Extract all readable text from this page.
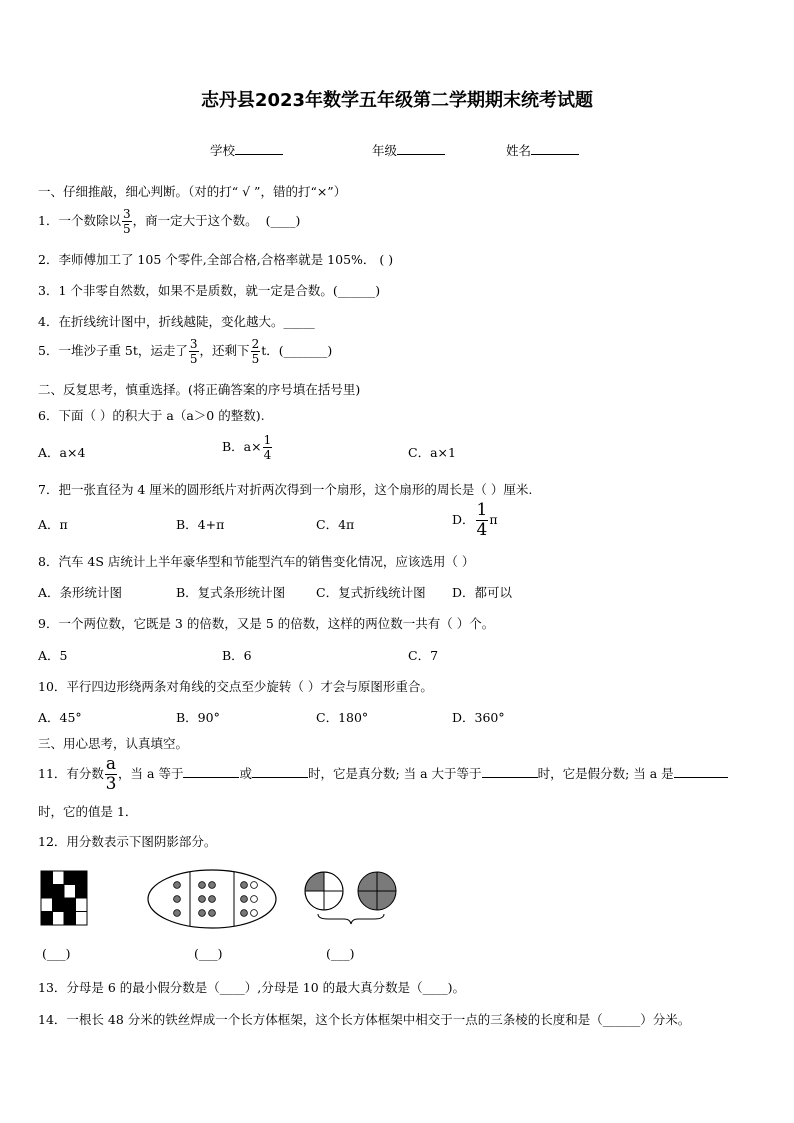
志丹县2023年数学五年级第二学期期末统考试题
学校	年级	姓名
一、仔细推敲，细心判断。（对的打“ √ ”，错的打“×”）
1．一个数除以 $\frac{3}{5}$ ，商一定大于这个数。  (____)
2．李师傅加工了 105 个零件,全部合格,合格率就是 105%． ( )
3．1 个非零自然数，如果不是质数，就一定是合数。(______)
4．在折线统计图中，折线越陡，变化越大。_____
5．一堆沙子重 5t，运走了 $\frac{3}{5}$ ，还剩下 $\frac{2}{5}$ t．(_______)
二、反复思考，慎重选择。(将正确答案的序号填在括号里)
6．下面（ ）的积大于 a（a＞0 的整数).
A．a×4	B．$a\times \frac{1}{4}$	C．a×1
7．把一张直径为 4 厘米的圆形纸片对折两次得到一个扇形，这个扇形的周长是（ ）厘米.
A．π	B．4+π	C．4π	D． $\frac{1}{4}$ π
8．汽车 4S 店统计上半年豪华型和节能型汽车的销售变化情况，应该选用（ ）
A．条形统计图	B．复式条形统计图 C．复式折线统计图 D．都可以
9．一个两位数，它既是 3 的倍数，又是 5 的倍数，这样的两位数一共有（ ）个。
A．5	B．6	C．7
10．平行四边形绕两条对角线的交点至少旋转（ ）才会与原图形重合。
A．45°	B．90°	C．180°	D．360°
三、用心思考，认真填空。
11．有分数 $\frac{a}{3}$ ，当 a 等于	或	时，它是真分数; 当 a 大于等于	时，它是假分数; 当 a 是
时，它的值是 1．
12．用分数表示下图阴影部分。
(___)	(___)	(___)
13．分母是 6 的最小假分数是（____）,分母是 10 的最大真分数是（____)。
14．一根长 48 分米的铁丝焊成一个长方体框架，这个长方体框架中相交于一点的三条棱的长度和是（______）分米。
